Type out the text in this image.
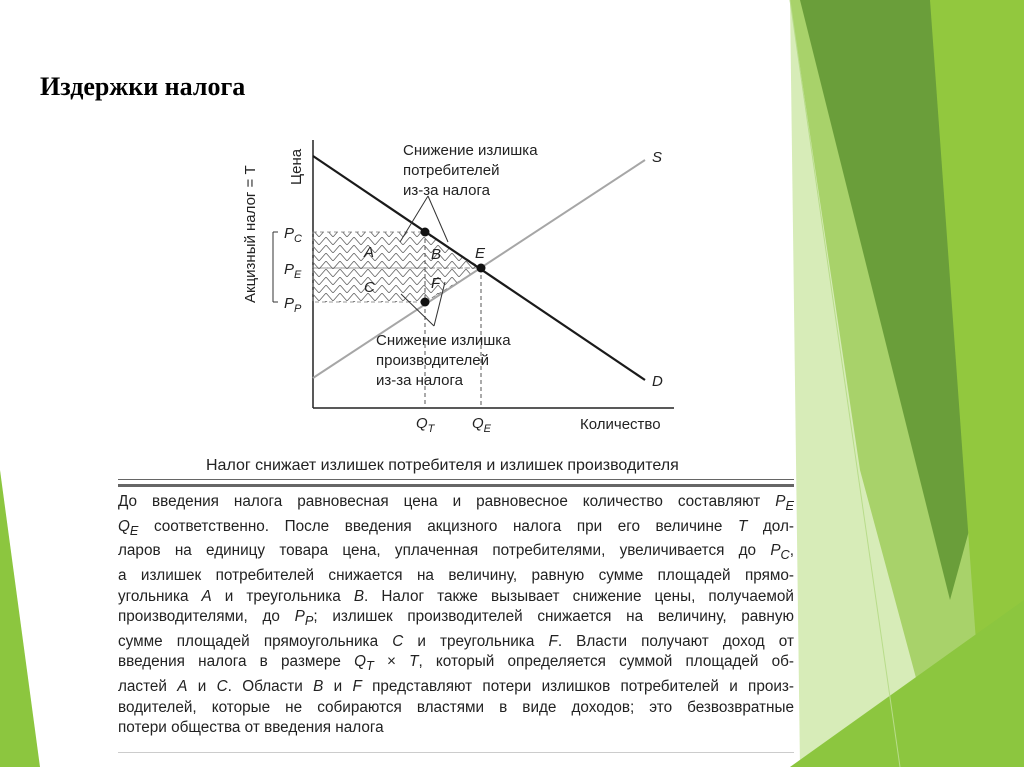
Издержки налога
Цена
Количество
Акцизный налог = T $P_C$
$P_E$
$P_P$
$Q_T$	$Q_E$
S
D
E
A	B
C	F
Снижение излишка потребителей из-за налога
Снижение излишка производителей из-за налога

Налог снижает излишек потребителя и излишек производителя

До введения налога равновесная цена и равновесное количество составляют $P_E$
$Q_E$ соответственно. После введения акцизного налога при его величине T дол-
ларов на единицу товара цена, уплаченная потребителями, увеличивается до $P_C$,
а излишек потребителей снижается на величину, равную сумме площадей прямо-
угольника A и треугольника B. Налог также вызывает снижение цены, получаемой
производителями, до $P_P$; излишек производителей снижается на величину, равную
сумме площадей прямоугольника C и треугольника F. Власти получают доход от
введения налога в размере $Q_T \times T$, который определяется суммой площадей об-
ластей A и C. Области B и F представляют потери излишков потребителей и произ-
водителей, которые не собираются властями в виде доходов; это безвозвратные
потери общества от введения налога
